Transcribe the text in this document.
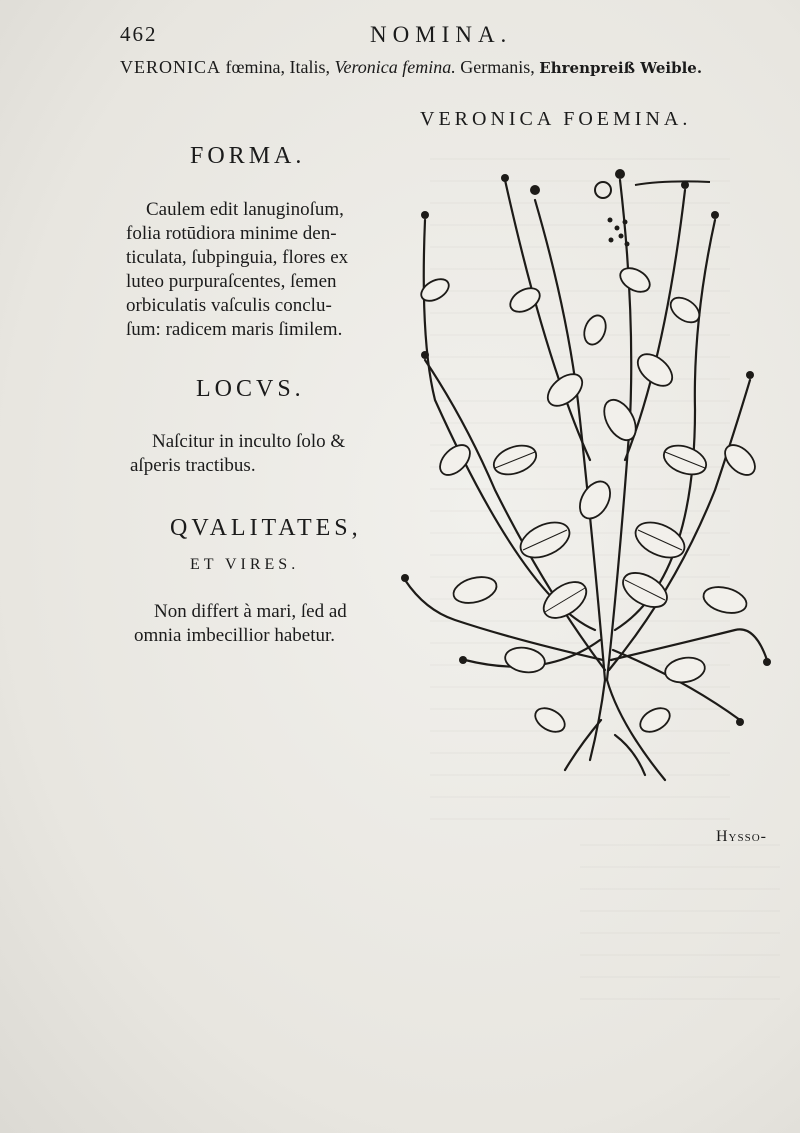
462	NOMINA.
VERONICA fœmina, Italis, Veronica femina. Germanis, Ehrenpreiß Weible.
VERONICA FOEMINA.
FORMA.
Caulem edit lanuginoſum,
folia rotūdiora minime den-
ticulata, ſubpinguia, flores ex
luteo purpuraſcentes, ſemen
orbiculatis vaſculis conclu-
ſum: radicem maris ſimilem.
LOCVS.
Naſcitur in inculto ſolo &
aſperis tractibus.
QVALITATES,
ET VIRES.
Non differt à mari, ſed ad
omnia imbecillior habetur.
Hysso-
